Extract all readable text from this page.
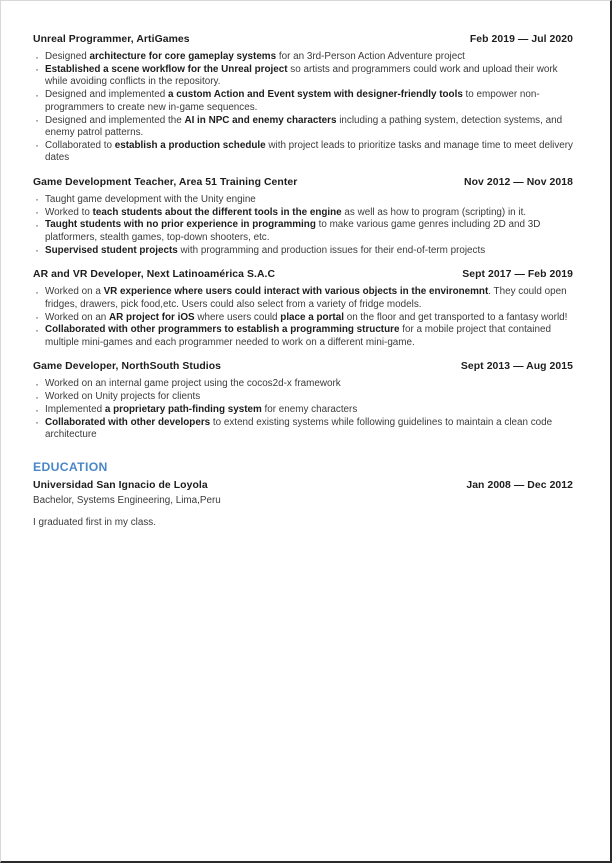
Unreal Programmer, ArtiGames	Feb 2019 — Jul 2020
· Designed architecture for core gameplay systems for an 3rd-Person Action Adventure project
· Established a scene workflow for the Unreal project so artists and programmers could work and upload their work while avoiding conflicts in the repository.
· Designed and implemented a custom Action and Event system with designer-friendly tools to empower non-programmers to create new in-game sequences.
· Designed and implemented the AI in NPC and enemy characters including a pathing system, detection systems, and enemy patrol patterns.
· Collaborated to establish a production schedule with project leads to prioritize tasks and manage time to meet delivery dates
Game Development Teacher, Area 51 Training Center	Nov 2012 — Nov 2018
· Taught game development with the Unity engine
· Worked to teach students about the different tools in the engine as well as how to program (scripting) in it.
· Taught students with no prior experience in programming to make various game genres including 2D and 3D platformers, stealth games, top-down shooters, etc.
· Supervised student projects with programming and production issues for their end-of-term projects
AR and VR Developer, Next Latinoamérica S.A.C	Sept 2017 — Feb 2019
· Worked on a VR experience where users could interact with various objects in the environemnt. They could open fridges, drawers, pick food,etc. Users could also select from a variety of fridge models.
· Worked on an AR project for iOS where users could place a portal on the floor and get transported to a fantasy world!
· Collaborated with other programmers to establish a programming structure for a mobile project that contained multiple mini-games and each programmer needed to work on a different mini-game.
Game Developer, NorthSouth Studios	Sept 2013 — Aug 2015
· Worked on an internal game project using the cocos2d-x framework
· Worked on Unity projects for clients
· Implemented a proprietary path-finding system for enemy characters
· Collaborated with other developers to extend existing systems while following guidelines to maintain a clean code architecture
EDUCATION
Universidad San Ignacio de Loyola	Jan 2008 — Dec 2012
Bachelor, Systems Engineering, Lima,Peru
I graduated first in my class.
